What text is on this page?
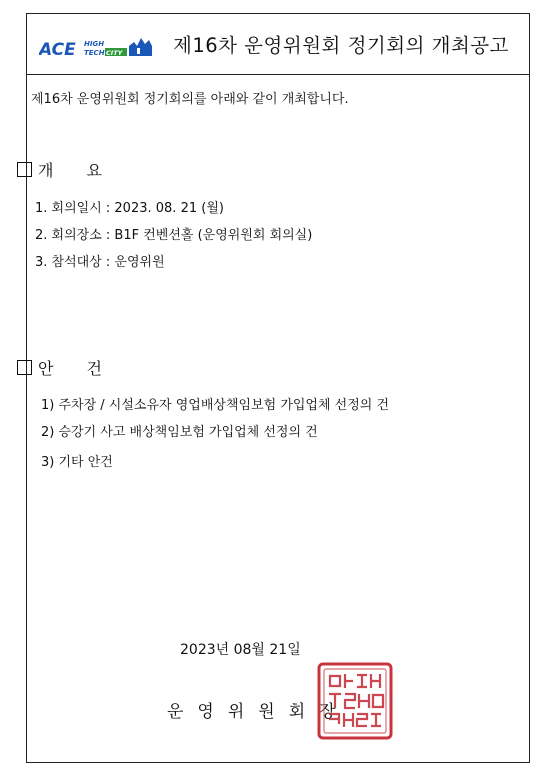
ACE HIGH
TECH CITY	제16차 운영위원회 정기회의 개최공고
제16차 운영위원회 정기회의를 아래와 같이 개최합니다.
개 요
1. 회의일시 : 2023. 08. 21 (월)
2. 회의장소 : B1F 컨벤션홀 (운영위원회 회의실)
3. 참석대상 : 운영위원
안 건
1) 주차장 / 시설소유자 영업배상책임보험 가입업체 선정의 건
2) 승강기 사고 배상책임보험 가입업체 선정의 건
3) 기타 안건
2023년 08월 21일
운영위원회장
